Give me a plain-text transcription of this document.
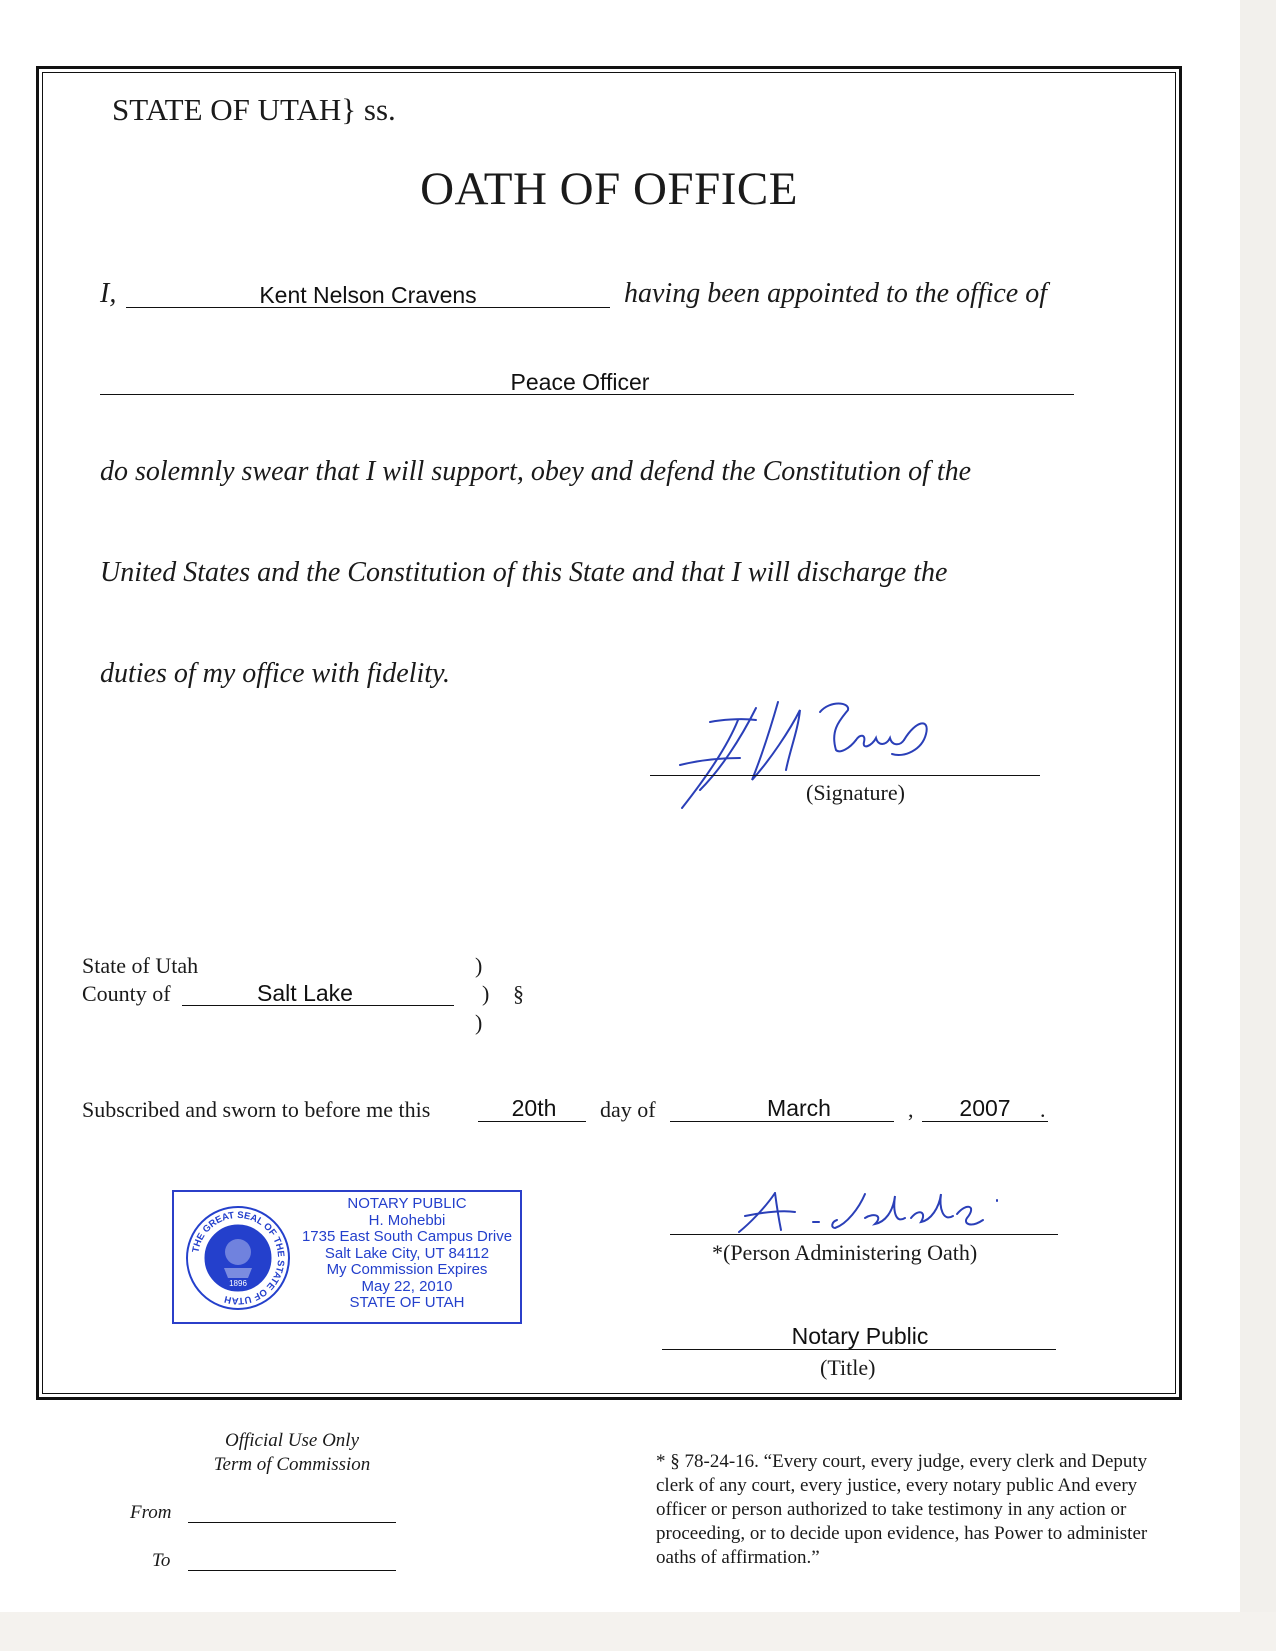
STATE OF UTAH} ss.
OATH OF OFFICE
I,	Kent Nelson Cravens	having been appointed to the office of
Peace Officer
do solemnly swear that I will support, obey and defend the Constitution of the
United States and the Constitution of this State and that I will discharge the
duties of my office with fidelity.
(Signature)
State of Utah	)
County of	Salt Lake	) §
)
Subscribed and sworn to before me this	20th	day of	March	,	2007	.
THE GREAT SEAL OF THE STATE OF UTAH
1896
NOTARY PUBLIC
H. Mohebbi
1735 East South Campus Drive
Salt Lake City, UT 84112
My Commission Expires
May 22, 2010
STATE OF UTAH
*(Person Administering Oath)
Notary Public
(Title)
Official Use Only
Term of Commission
From
To
* § 78-24-16. “Every court, every judge, every clerk and Deputy clerk of any court, every justice, every notary public And every officer or person authorized to take testimony in any action or proceeding, or to decide upon evidence, has Power to administer oaths of affirmation.”
